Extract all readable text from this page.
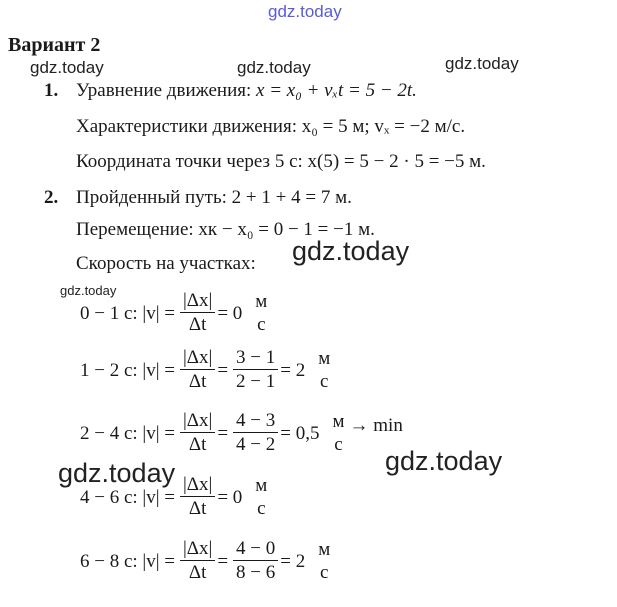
gdz.today
gdz.today	gdz.today	gdz.today
gdz.today
gdz.today
gdz.today	gdz.today
Вариант 2
1. Уравнение движения: x = x₀ + vₓt = 5 − 2t.
Характеристики движения: x₀ = 5 м; vₓ = −2 м/с.
Координата точки через 5 с: x(5) = 5 − 2 · 5 = −5 м.
2. Пройденный путь: 2 + 1 + 4 = 7 м.
Перемещение: xк − x₀ = 0 − 1 = −1 м.
Скорость на участках:
0 − 1 с: $|v| = \frac{|\Delta x|}{\Delta t} = 0$
м
с
1 − 2 с: $|v| = \frac{|\Delta x|}{\Delta t} = \frac{3 - 1}{2 - 1} = 2$
м
с
2 − 4 с: $|v| = \frac{|\Delta x|}{\Delta t} = \frac{4 - 3}{4 - 2} = 0,5$
м
с
→ min
4 − 6 с: $|v| = \frac{|\Delta x|}{\Delta t} = 0$
м
с
6 − 8 с: $|v| = \frac{|\Delta x|}{\Delta t} = \frac{4 - 0}{8 - 6} = 2$
м
с
